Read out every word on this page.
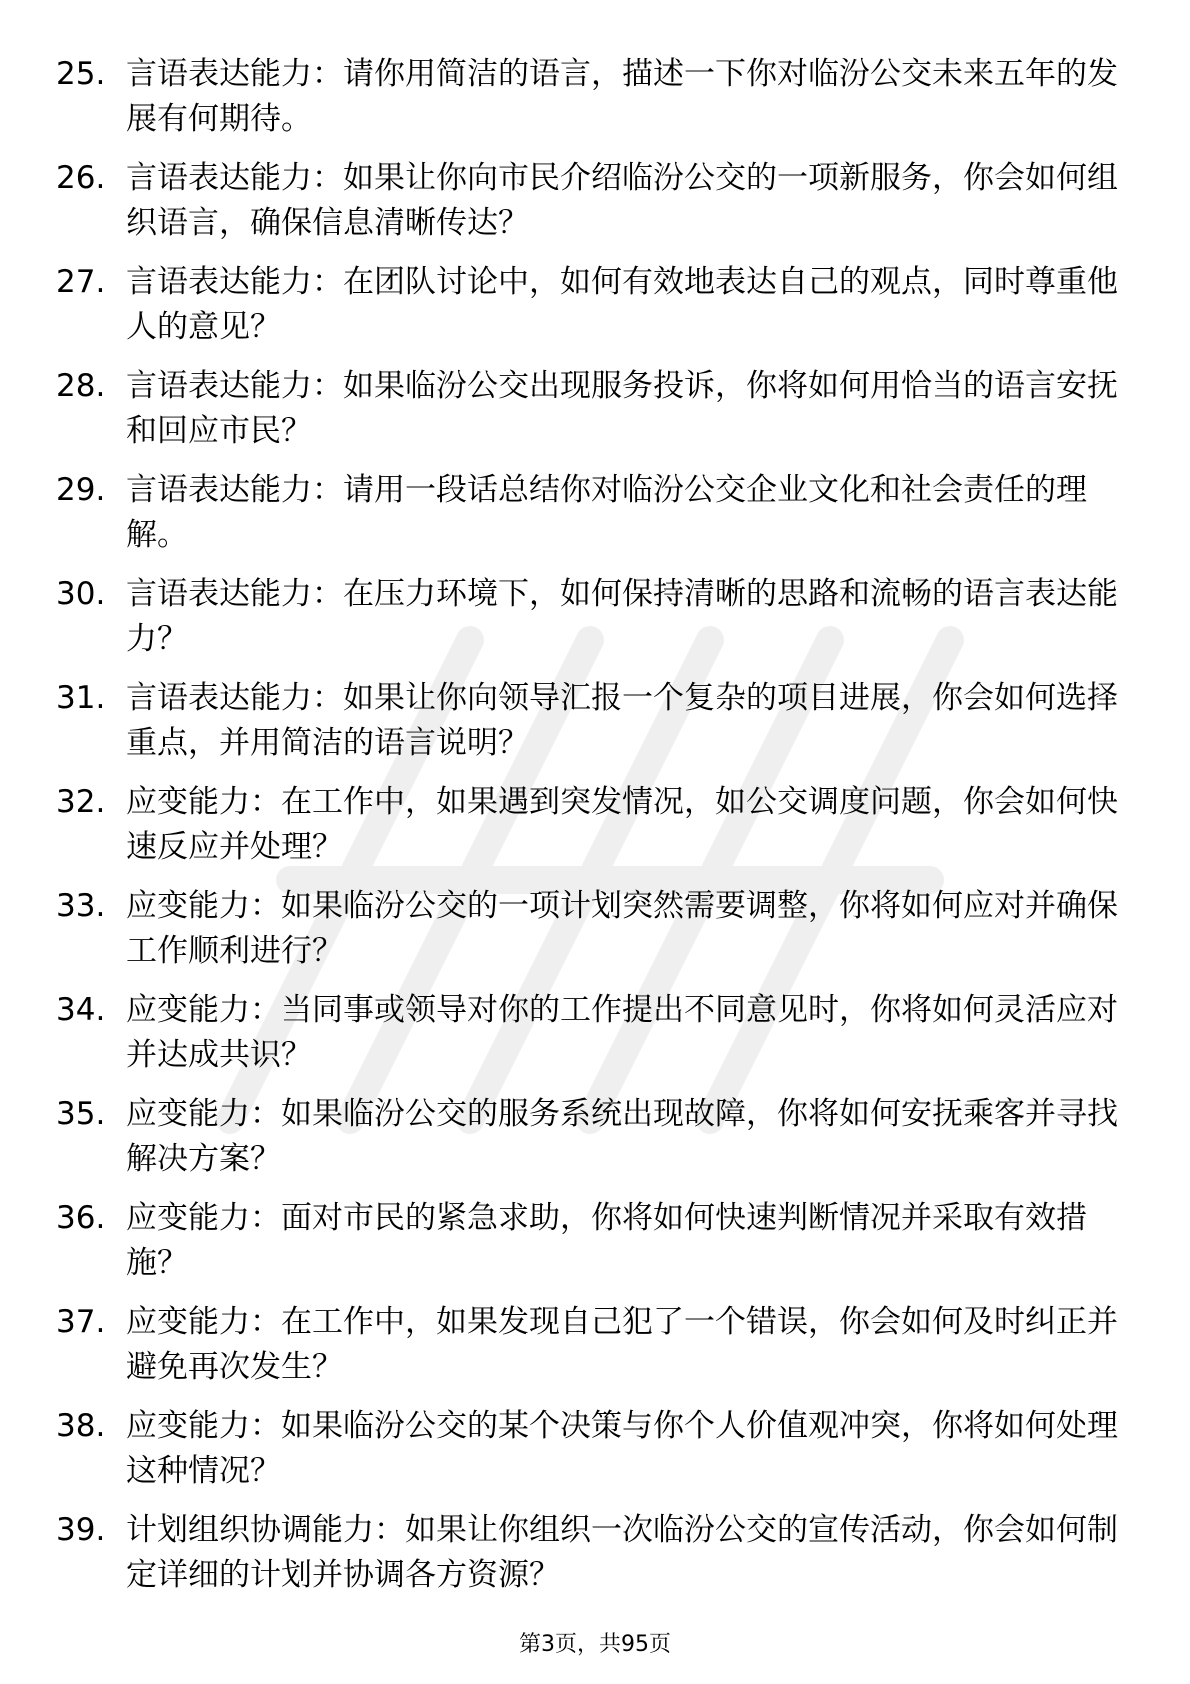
25. 言语表达能力：请你用简洁的语言，描述一下你对临汾公交未来五年的发展有何期待。
26. 言语表达能力：如果让你向市民介绍临汾公交的一项新服务，你会如何组织语言，确保信息清晰传达？
27. 言语表达能力：在团队讨论中，如何有效地表达自己的观点，同时尊重他人的意见？
28. 言语表达能力：如果临汾公交出现服务投诉，你将如何用恰当的语言安抚和回应市民？
29. 言语表达能力：请用一段话总结你对临汾公交企业文化和社会责任的理解。
30. 言语表达能力：在压力环境下，如何保持清晰的思路和流畅的语言表达能力？
31. 言语表达能力：如果让你向领导汇报一个复杂的项目进展，你会如何选择重点，并用简洁的语言说明？
32. 应变能力：在工作中，如果遇到突发情况，如公交调度问题，你会如何快速反应并处理？
33. 应变能力：如果临汾公交的一项计划突然需要调整，你将如何应对并确保工作顺利进行？
34. 应变能力：当同事或领导对你的工作提出不同意见时，你将如何灵活应对并达成共识？
35. 应变能力：如果临汾公交的服务系统出现故障，你将如何安抚乘客并寻找解决方案？
36. 应变能力：面对市民的紧急求助，你将如何快速判断情况并采取有效措施？
37. 应变能力：在工作中，如果发现自己犯了一个错误，你会如何及时纠正并避免再次发生？
38. 应变能力：如果临汾公交的某个决策与你个人价值观冲突，你将如何处理这种情况？
39. 计划组织协调能力：如果让你组织一次临汾公交的宣传活动，你会如何制定详细的计划并协调各方资源？
第3页，共95页
